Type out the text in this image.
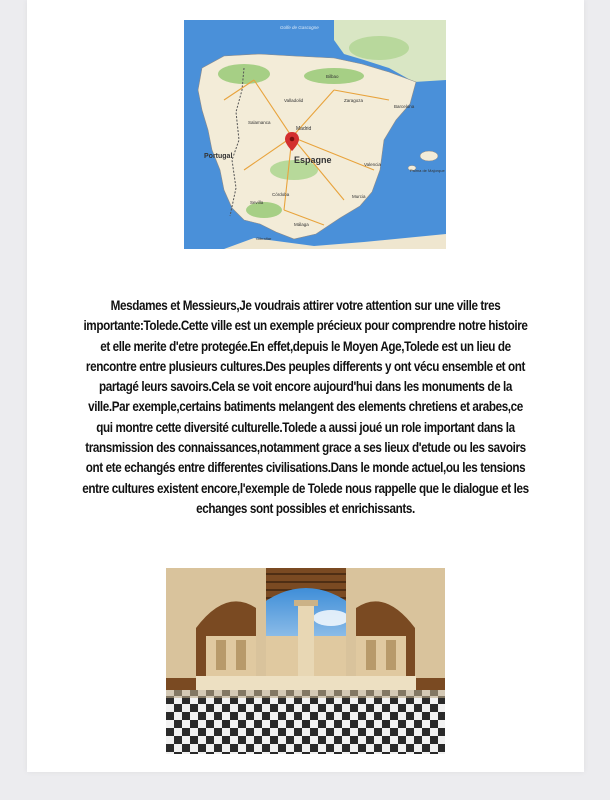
Espagne
Portugal
Madrid
Golfe de Gascogne
Bilbao
Zaragoza
Barcelona
Valencia
Sevilla
Málaga
Murcia
Córdoba
Valladolid
Salamanca
Palma de Majorque
Gibraltar

Mesdames et Messieurs,Je voudrais attirer votre attention sur une ville tres importante:Tolede.Cette ville est un exemple précieux pour comprendre notre histoire et elle merite d'etre protegée.En effet,depuis le Moyen Age,Tolede est un lieu de rencontre entre plusieurs cultures.Des peuples differents y ont vécu ensemble et ont partagé leurs savoirs.Cela se voit encore aujourd'hui dans les monuments de la ville.Par exemple,certains batiments melangent des elements chretiens et arabes,ce qui montre cette diversité culturelle.Tolede a aussi joué un role important dans la transmission des connaissances,notamment grace a ses lieux d'etude ou les savoirs ont ete echangés entre differentes civilisations.Dans le monde actuel,ou les tensions entre cultures existent encore,l'exemple de Tolede nous rappelle que le dialogue et les echanges sont possibles et enrichissants.
